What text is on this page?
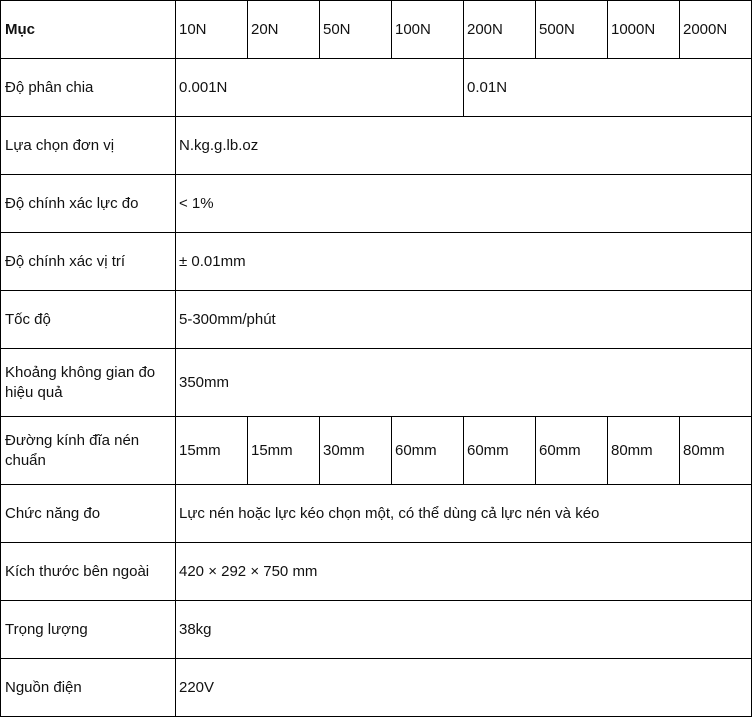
Mục	10N	20N	50N	100N	200N	500N	1000N	2000N
Độ phân chia	0.001N				0.01N			
Lựa chọn đơn vị	N.kg.g.lb.oz							
Độ chính xác lực đo	< 1%							
Độ chính xác vị trí	± 0.01mm							
Tốc độ	5-300mm/phút							
Khoảng không gian đo hiệu quả	350mm							
Đường kính đĩa nén chuẩn	15mm	15mm	30mm	60mm	60mm	60mm	80mm	80mm
Chức năng đo	Lực nén hoặc lực kéo chọn một, có thể dùng cả lực nén và kéo							
Kích thước bên ngoài	420 × 292 × 750 mm							
Trọng lượng	38kg							
Nguồn điện	220V							
